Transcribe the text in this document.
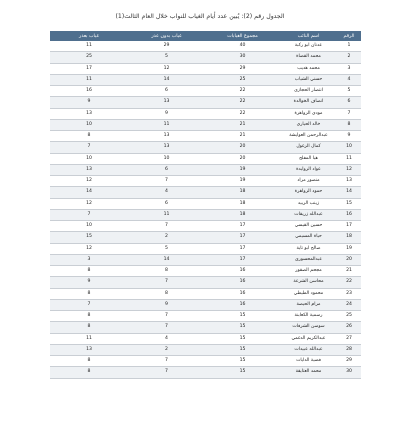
الجدول رقم (2): يُبين عدد أيام الغياب للنواب خلال العام الثالث(1)
الرقم	اسم النائب	مجموع الغيابات	غياب بدون عذر	غياب بعذر
1	عدنان ابو ركبة	40	29	11
2	محمد القضاة	30	5	25
3	محمد هديب	29	12	17
4	حسني الشياب	25	14	11
5	انتصار الحجازي	22	6	16
6	انصاف الخوالدة	22	13	9
7	مودي الزواهرة	22	9	13
8	خالد الحياري	21	11	10
9	عبدالرحمن العوايشة	21	13	8
10	كمال الزغول	20	13	7
11	هيا المفلح	20	10	10
12	عواد الزوايدة	19	6	13
13	منصور مراد	19	7	12
14	حمود الزواهرة	18	4	14
15	زينب الزبيد	18	6	12
16	عبدالله زريقات	18	11	7
17	حسين القيسي	17	7	10
18	حياة المسيمي	17	2	15
19	صالح ابو تاية	17	5	12
20	عبدالمحسورى	17	14	3
21	مجحم الصقور	16	8	8
22	محاسن الشرعة	16	7	9
23	محمود الطيطي	16	8	8
24	مرام الحيصة	16	9	7
25	رسمية الكعابنة	15	7	8
26	سوسن الشرفات	15	7	8
27	عبدالكريم الدغمي	15	4	11
28	عبدالله عبيدات	15	2	13
29	فضية الدايات	15	7	8
30	محمد العتايقة	15	7	8
